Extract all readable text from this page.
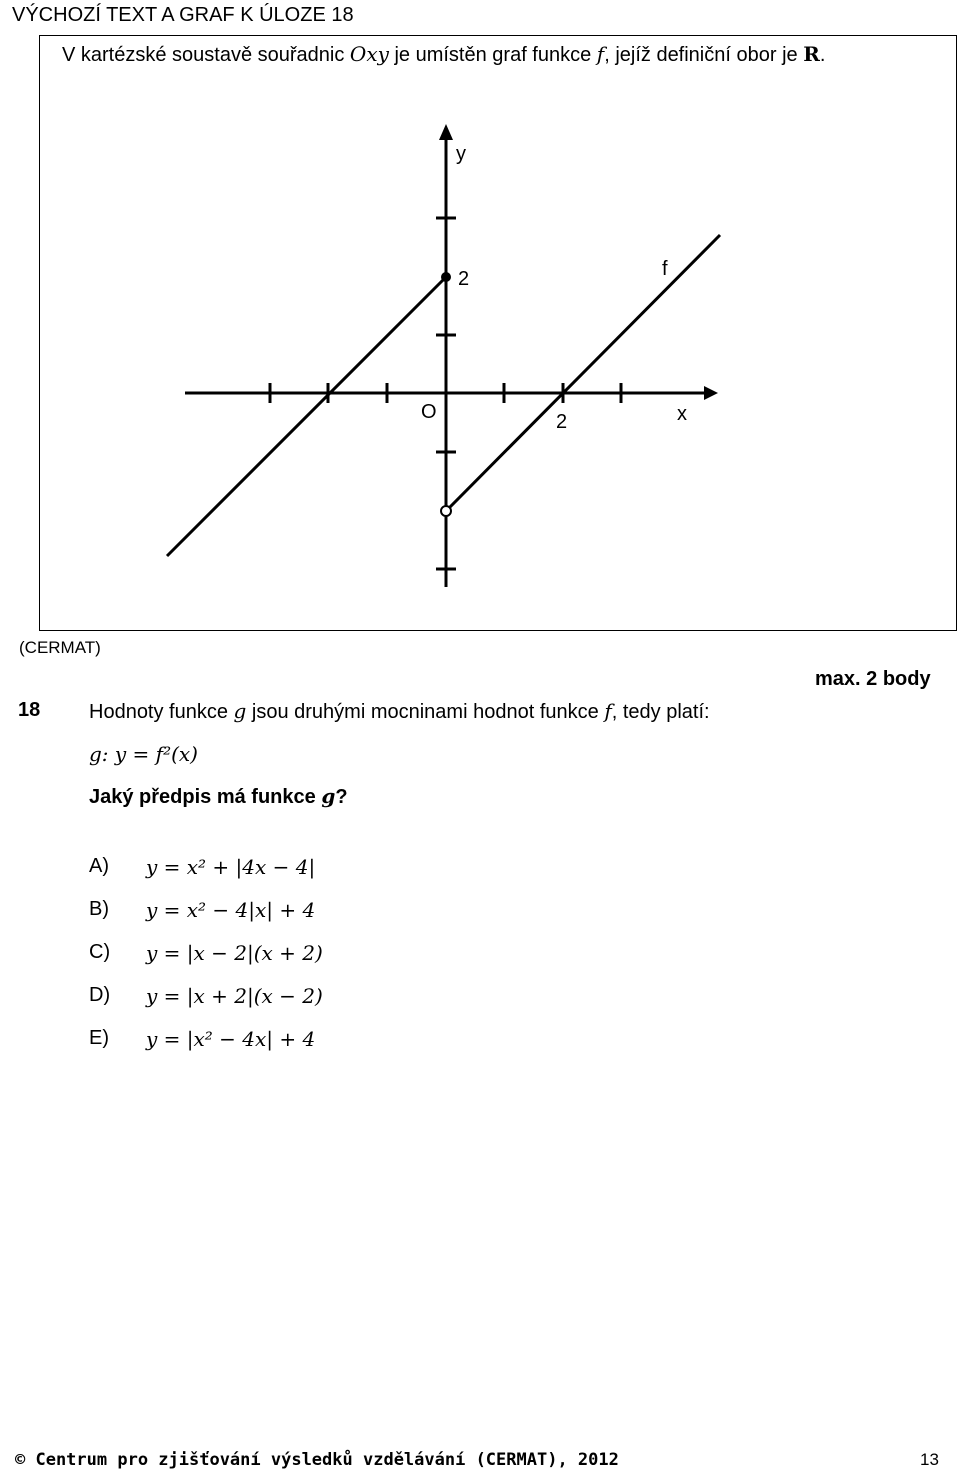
VÝCHOZÍ TEXT A GRAF K ÚLOZE 18
V kartézské soustavě souřadnic Oxy je umístěn graf funkce f, jejíž definiční obor je R.
y
x
O	2
2	f
(CERMAT)
max. 2 body
18 Hodnoty funkce g jsou druhými mocninami hodnot funkce f, tedy platí:
g: y = f²(x)
Jaký předpis má funkce g?
A) y = x² + |4x − 4|
B) y = x² − 4|x| + 4
C) y = |x − 2|(x + 2)
D) y = |x + 2|(x − 2)
E) y = |x² − 4x| + 4
© Centrum pro zjišťování výsledků vzdělávání (CERMAT), 2012	13
